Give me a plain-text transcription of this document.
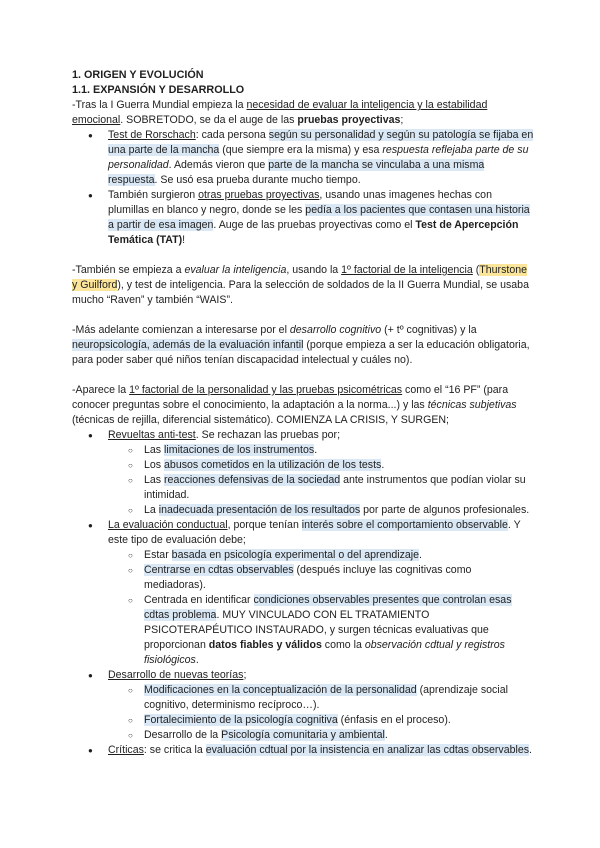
1. ORIGEN Y EVOLUCIÓN
1.1. EXPANSIÓN Y DESARROLLO

-Tras la I Guerra Mundial empieza la necesidad de evaluar la inteligencia y la estabilidad emocional. SOBRETODO, se da el auge de las pruebas proyectivas;

● Test de Rorschach: cada persona según su personalidad y según su patología se fijaba en una parte de la mancha (que siempre era la misma) y esa respuesta reflejaba parte de su personalidad. Además vieron que parte de la mancha se vinculaba a una misma respuesta. Se usó esa prueba durante mucho tiempo.
● También surgieron otras pruebas proyectivas, usando unas imagenes hechas con plumillas en blanco y negro, donde se les pedía a los pacientes que contasen una historia a partir de esa imagen. Auge de las pruebas proyectivas como el Test de Apercepción Temática (TAT)!

-También se empieza a evaluar la inteligencia, usando la 1º factorial de la inteligencia (Thurstone y Guilford), y test de inteligencia. Para la selección de soldados de la II Guerra Mundial, se usaba mucho “Raven” y también “WAIS”.

-Más adelante comienzan a interesarse por el desarrollo cognitivo (+ tº cognitivas) y la neuropsicología, además de la evaluación infantil (porque empieza a ser la educación obligatoria, para poder saber qué niños tenían discapacidad intelectual y cuáles no).

-Aparece la 1º factorial de la personalidad y las pruebas psicométricas como el “16 PF” (para conocer preguntas sobre el conocimiento, la adaptación a la norma...) y las técnicas subjetivas (técnicas de rejilla, diferencial sistemático). COMIENZA LA CRISIS, Y SURGEN;

● Revueltas anti-test. Se rechazan las pruebas por;
○ Las limitaciones de los instrumentos.
○ Los abusos cometidos en la utilización de los tests.
○ Las reacciones defensivas de la sociedad ante instrumentos que podían violar su intimidad.
○ La inadecuada presentación de los resultados por parte de algunos profesionales.
● La evaluación conductual, porque tenían interés sobre el comportamiento observable. Y este tipo de evaluación debe;
○ Estar basada en psicología experimental o del aprendizaje.
○ Centrarse en cdtas observables (después incluye las cognitivas como mediadoras).
○ Centrada en identificar condiciones observables presentes que controlan esas cdtas problema. MUY VINCULADO CON EL TRATAMIENTO PSICOTERAPÉUTICO INSTAURADO, y surgen técnicas evaluativas que proporcionan datos fiables y válidos como la observación cdtual y registros fisiológicos.
● Desarrollo de nuevas teorías;
○ Modificaciones en la conceptualización de la personalidad (aprendizaje social cognitivo, determinismo recíproco…).
○ Fortalecimiento de la psicología cognitiva (énfasis en el proceso).
○ Desarrollo de la Psicología comunitaria y ambiental.
● Críticas: se critica la evaluación cdtual por la insistencia en analizar las cdtas observables.
